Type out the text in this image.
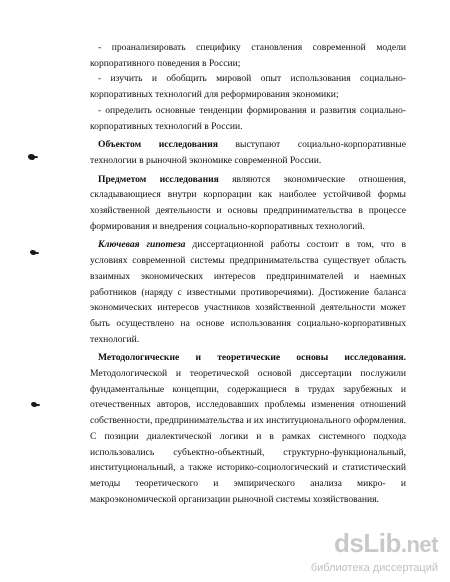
- проанализировать специфику становления современной модели корпоративного поведения в России;

- изучить и обобщить мировой опыт использования социально-корпоративных технологий для реформирования экономики;

- определить основные тенденции формирования и развития социально-корпоративных технологий в России.

Объектом исследования выступают социально-корпоративные технологии в рыночной экономике современной России.

Предметом исследования являются экономические отношения, складывающиеся внутри корпорации как наиболее устойчивой формы хозяйственной деятельности и основы предпринимательства в процессе формирования и внедрения социально-корпоративных технологий.

Ключевая гипотеза диссертационной работы состоит в том, что в условиях современной системы предпринимательства существует область взаимных экономических интересов предпринимателей и наемных работников (наряду с известными противоречиями). Достижение баланса экономических интересов участников хозяйственной деятельности может быть осуществлено на основе использования социально-корпоративных технологий.

Методологические и теоретические основы исследования. Методологической и теоретической основой диссертации послужили фундаментальные концепции, содержащиеся в трудах зарубежных и отечественных авторов, исследовавших проблемы изменения отношений собственности, предпринимательства и их институционального оформления. С позиции диалектической логики и в рамках системного подхода использовались субъектно-объектный, структурно-функциональный, институциональный, а также историко-социологический и статистический методы теоретического и эмпирического анализа микро- и макроэкономической организации рыночной системы хозяйствования.

dsLib.net
библиотека диссертаций
